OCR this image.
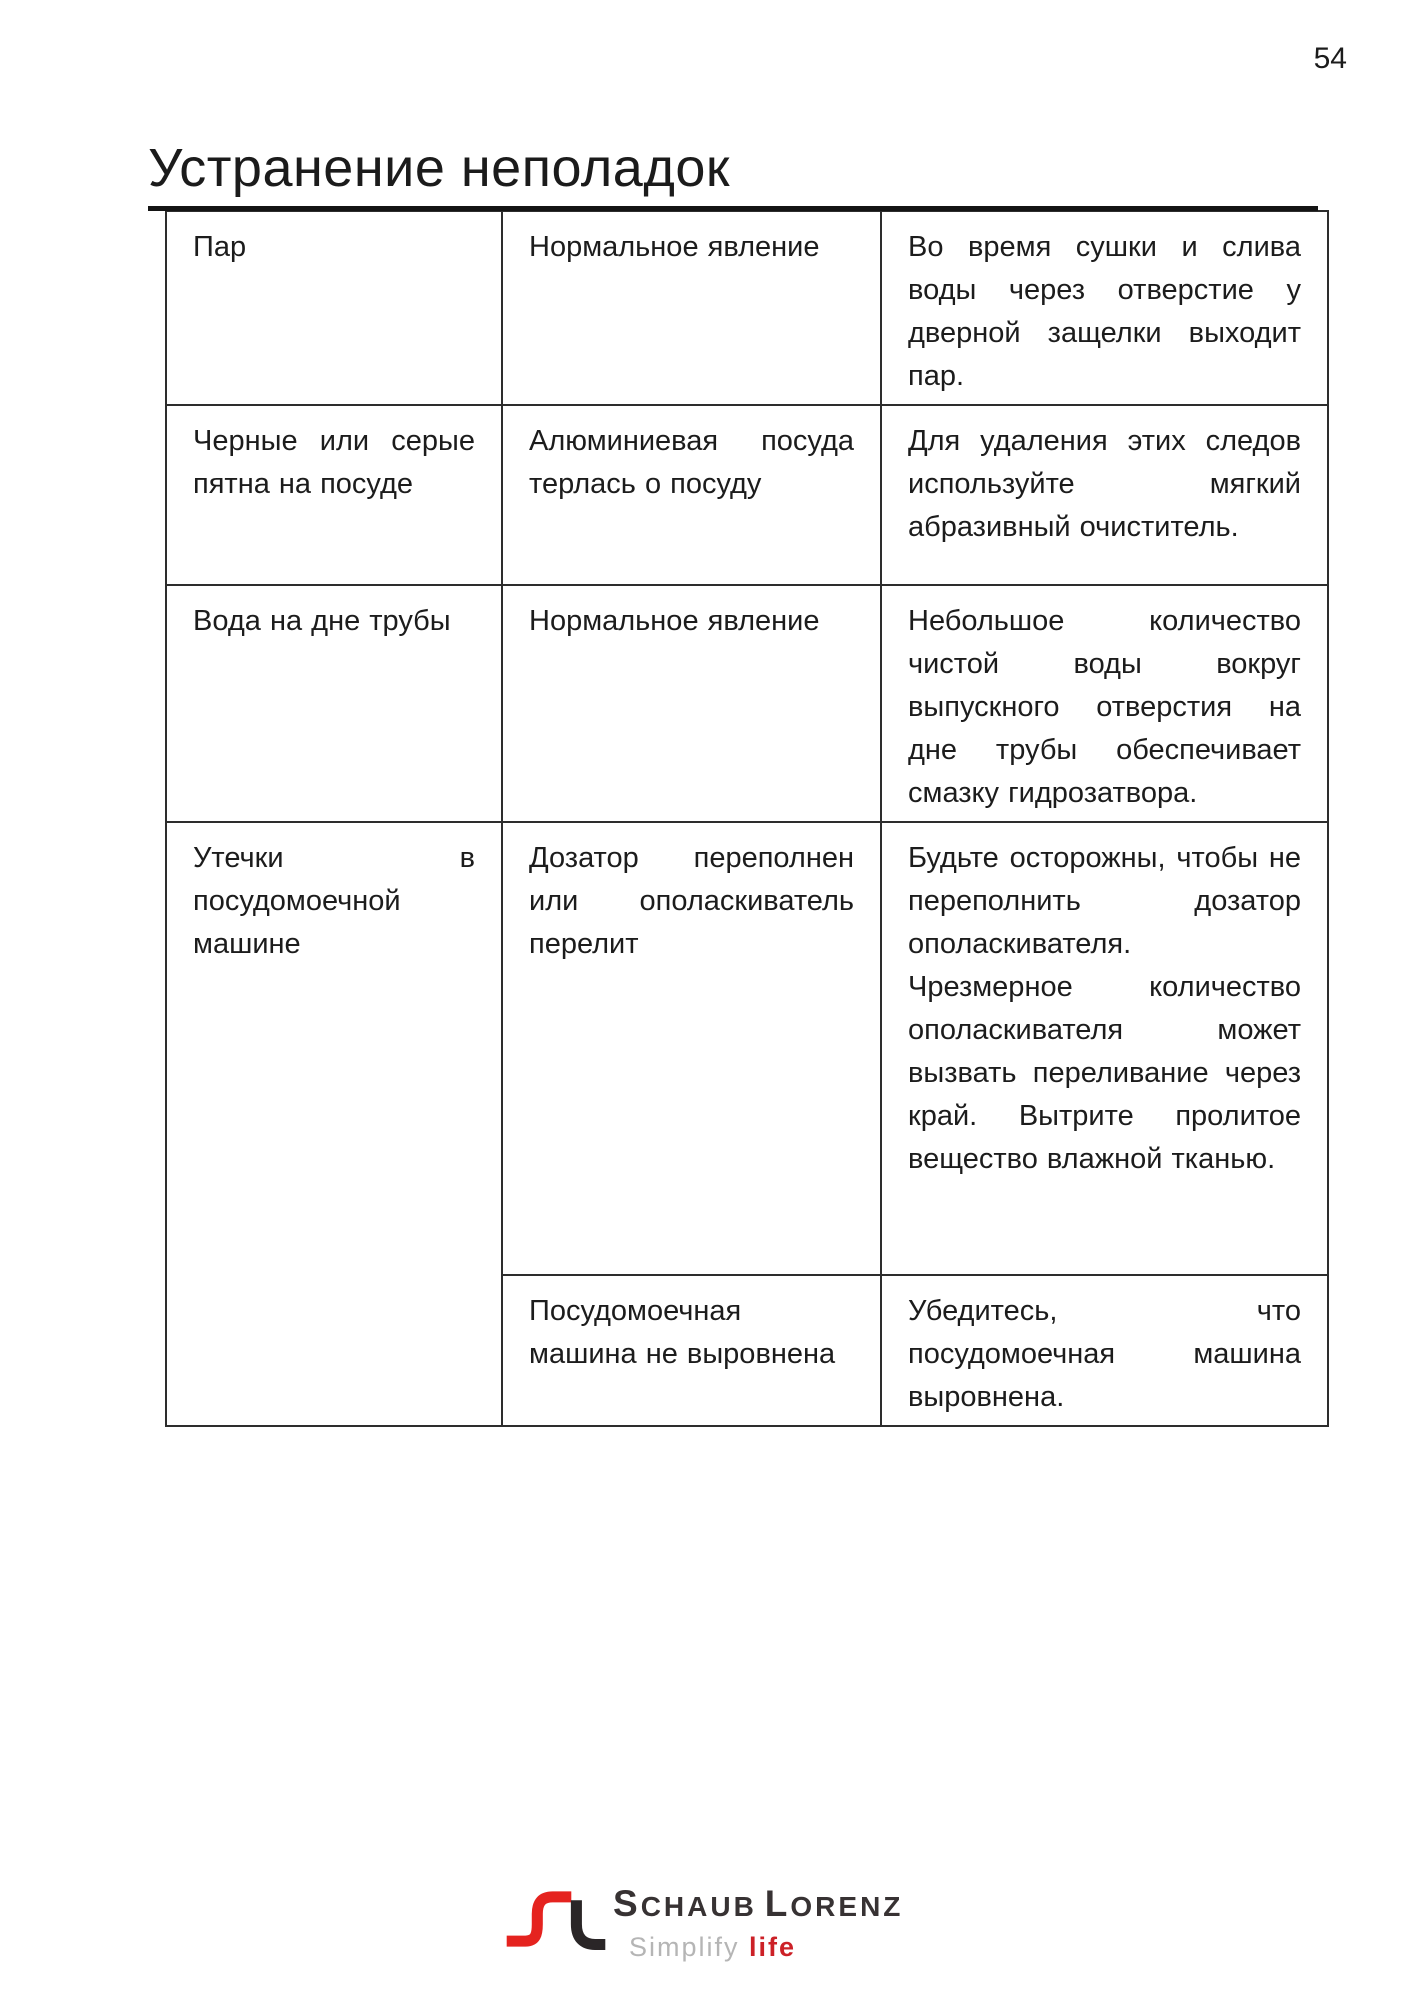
54
Устранение неполадок
Пар	Нормальное явление	Во время сушки и слива воды через отверстие у дверной защелки выходит пар.
Черные или серые пятна на посуде	Алюминиевая посуда терлась о посуду	Для удаления этих следов используйте мягкий абразивный очиститель.
Вода на дне трубы	Нормальное явление	Небольшое количество чистой воды вокруг выпускного отверстия на дне трубы обеспечивает смазку гидрозатвора.
Утечки в посудомоечной машине	Дозатор переполнен или ополаскиватель перелит	Будьте осторожны, чтобы не переполнить дозатор ополаскивателя. Чрезмерное количество ополаскивателя может вызвать переливание через край. Вытрите пролитое вещество влажной тканью.
	Посудомоечная машина не выровнена	Убедитесь, что посудомоечная машина выровнена.
SCHAUB LORENZ
Simplify life
